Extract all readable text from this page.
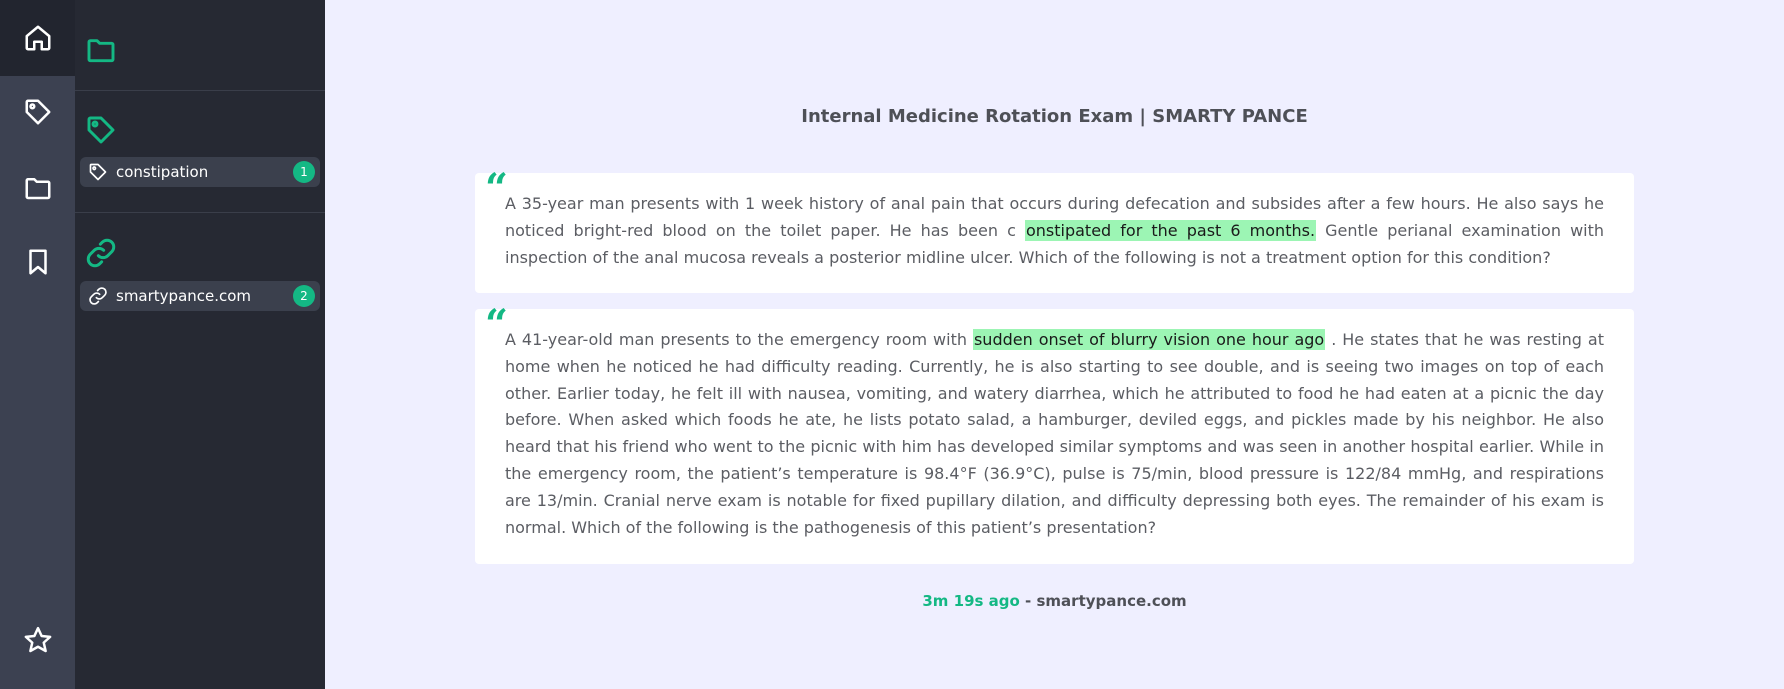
constipation	1
smartypance.com	2
Internal Medicine Rotation Exam | SMARTY PANCE
“

A 35-year man presents with 1 week history of anal pain that occurs during defecation and subsides after a few hours. He also says he noticed bright-red blood on the toilet paper. He has been c onstipated for the past 6 months. Gentle perianal examination with inspection of the anal mucosa reveals a posterior midline ulcer. Which of the following is not a treatment option for this condition?

“

A 41-year-old man presents to the emergency room with sudden onset of blurry vision one hour ago . He states that he was resting at home when he noticed he had difficulty reading. Currently, he is also starting to see double, and is seeing two images on top of each other. Earlier today, he felt ill with nausea, vomiting, and watery diarrhea, which he attributed to food he had eaten at a picnic the day before. When asked which foods he ate, he lists potato salad, a hamburger, deviled eggs, and pickles made by his neighbor. He also heard that his friend who went to the picnic with him has developed similar symptoms and was seen in another hospital earlier. While in the emergency room, the patient’s temperature is 98.4°F (36.9°C), pulse is 75/min, blood pressure is 122/84 mmHg, and respirations are 13/min. Cranial nerve exam is notable for fixed pupillary dilation, and difficulty depressing both eyes. The remainder of his exam is normal. Which of the following is the pathogenesis of this patient’s presentation?

3m 19s ago - smartypance.com
